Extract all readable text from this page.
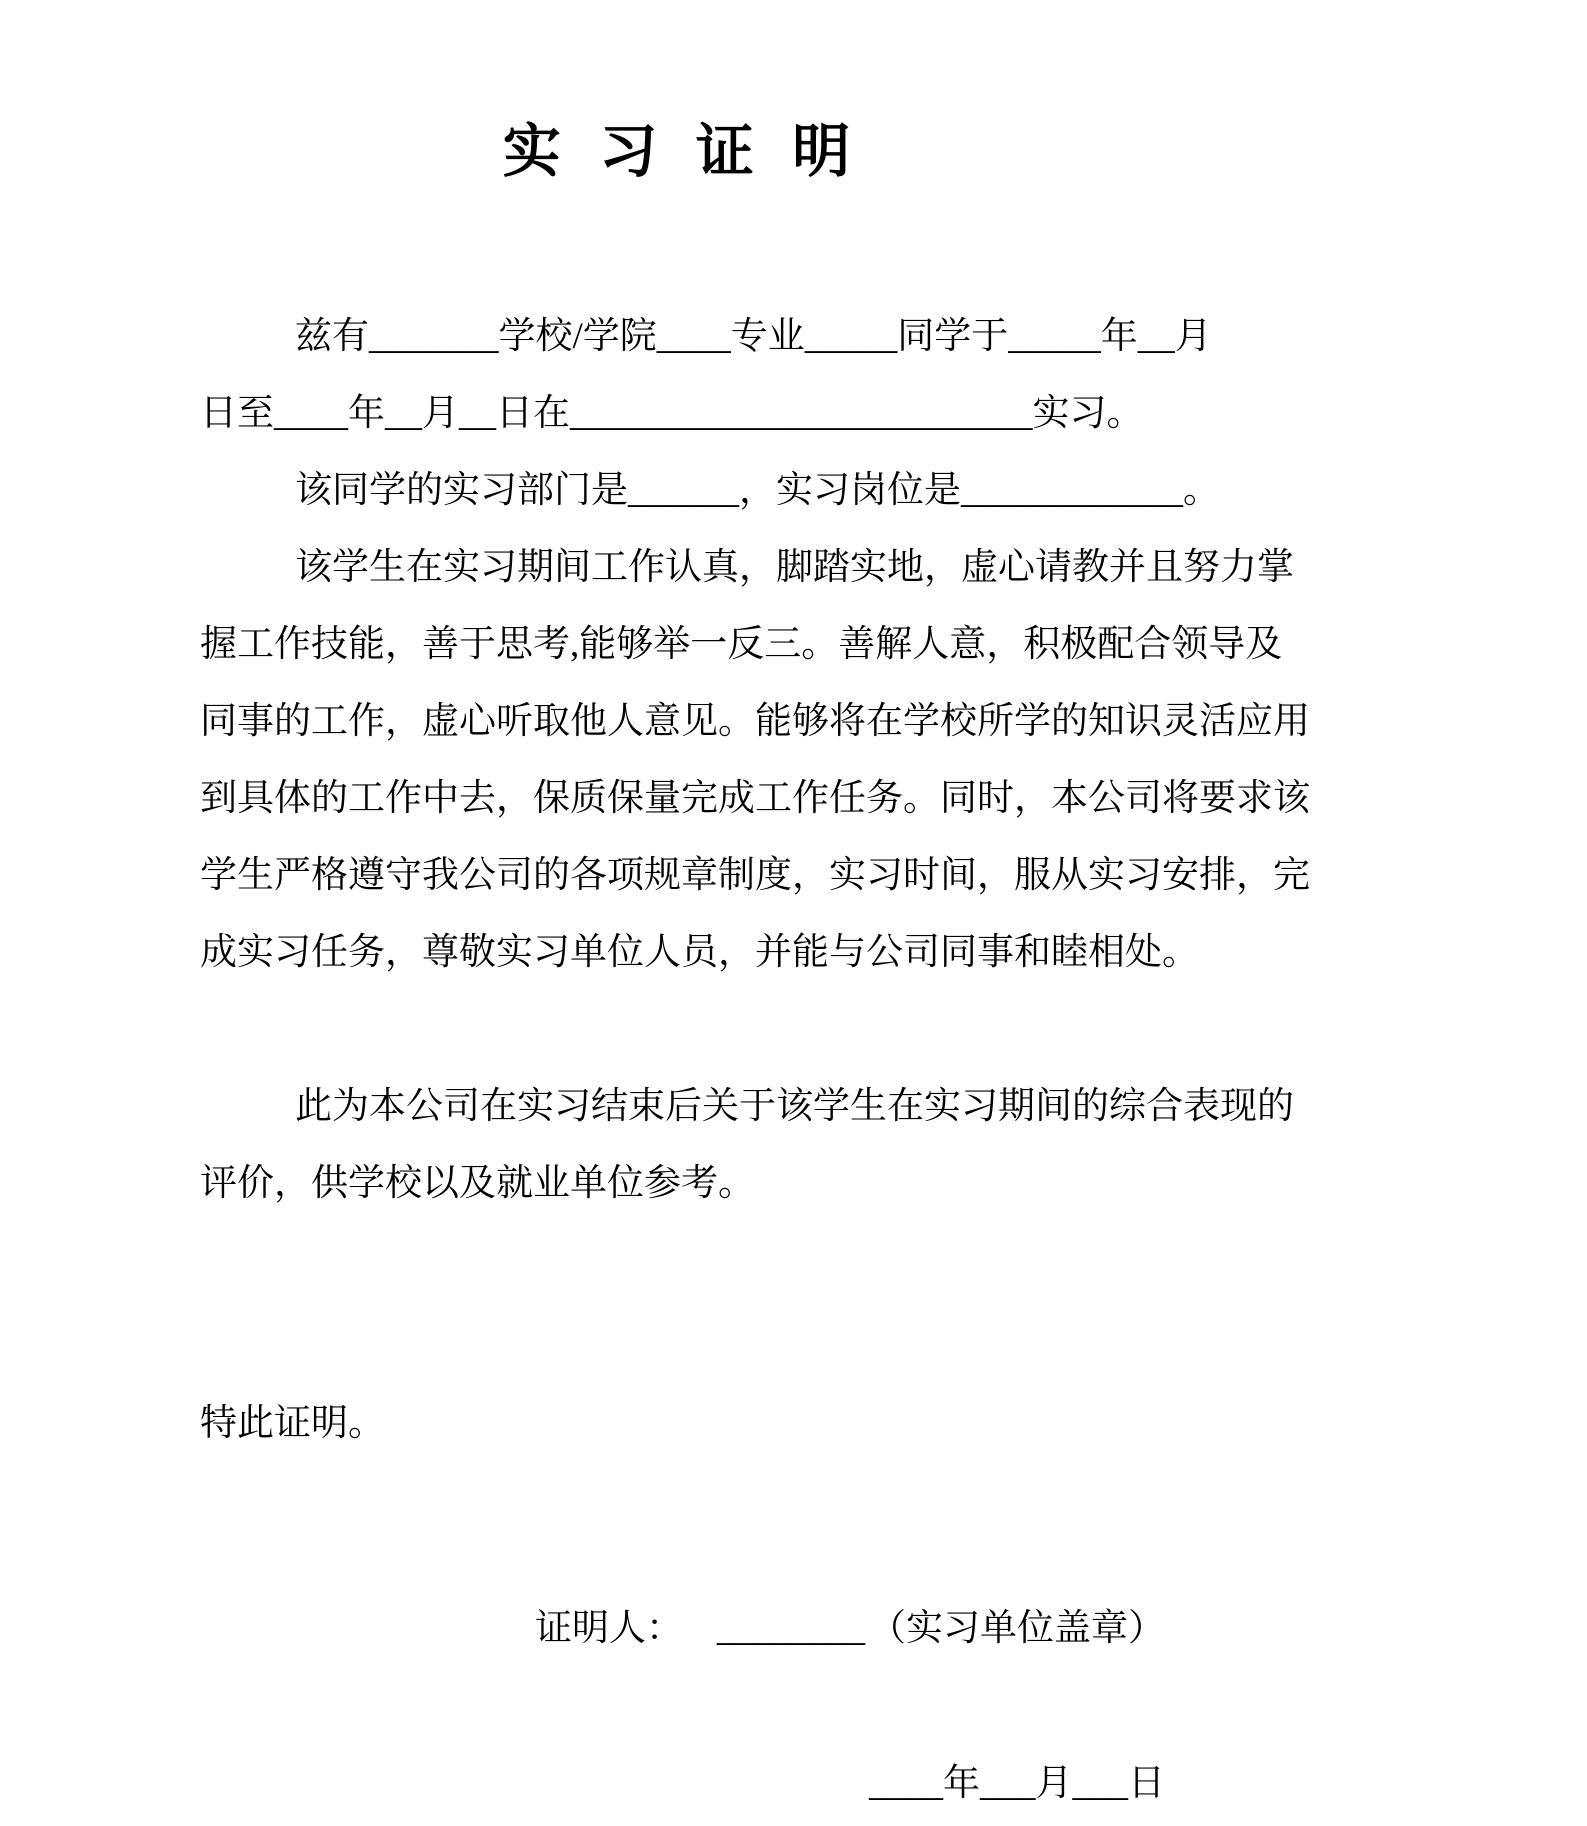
实 习 证 明
兹有_______学校/学院____专业_____同学于_____年__月
日至____年__月__日在_________________________实习。
该同学的实习部门是______，实习岗位是____________。
该学生在实习期间工作认真，脚踏实地，虚心请教并且努力掌
握工作技能，善于思考,能够举一反三。善解人意，积极配合领导及
同事的工作，虚心听取他人意见。能够将在学校所学的知识灵活应用
到具体的工作中去，保质保量完成工作任务。同时，本公司将要求该
学生严格遵守我公司的各项规章制度，实习时间，服从实习安排，完
成实习任务，尊敬实习单位人员，并能与公司同事和睦相处。
此为本公司在实习结束后关于该学生在实习期间的综合表现的
评价，供学校以及就业单位参考。
特此证明。
证明人： ________ （实习单位盖章）
____年___月___日
